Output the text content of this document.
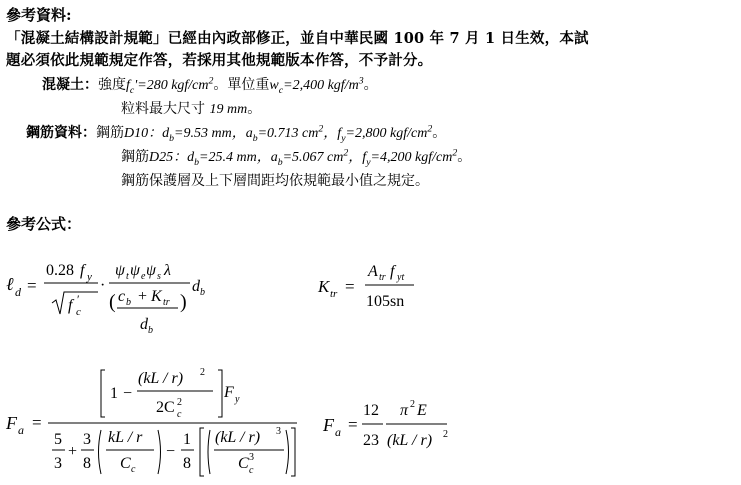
參考資料:
「混凝土結構設計規範」已經由內政部修正，並自中華民國 100 年 7 月 1 日生效，本試
題必須依此規範規定作答，若採用其他規範版本作答，不予計分。
混凝土：強度$f_c'=280$ kgf/$cm^2$。單位重$w_c=2,400$ kgf/$m^3$。
粒料最大尺寸 19 mm。
鋼筋資料：鋼筋D10：$d_b=9.53$ mm，$a_b=0.713$ $cm^2$，$f_y=2,800$ kgf/$cm^2$。
鋼筋D25：$d_b=25.4$ mm，$a_b=5.067$ $cm^2$，$f_y=4,200$ kgf/$cm^2$。
鋼筋保護層及上下層間距均依規範最小值之規定。
參考公式：
ℓ d =
0.28 f y
f c
′
·
ψ t ψ e ψ s λ
( c b + K tr )
d b
d b	K tr =
A tr f yt
105sn
F a =
1 −
(kL / r) 2
2C c
2
F y
5
3
+
3
8
kL / r
C c
−
1
8
(kL / r) 3
C c
3
F a =
12
23
π 2 E
(kL / r) 2
